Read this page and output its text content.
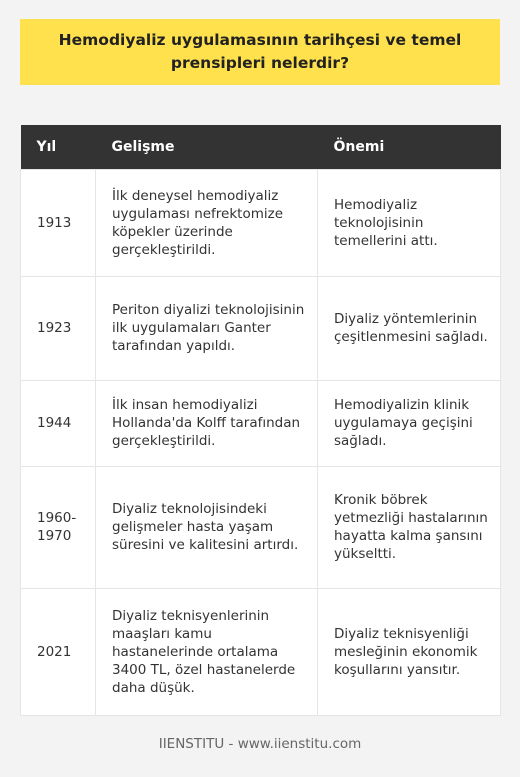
Hemodiyaliz uygulamasının tarihçesi ve temel prensipleri nelerdir?
Yıl	Gelişme	Önemi
1913	İlk deneysel hemodiyaliz uygulaması nefrektomize köpekler üzerinde gerçekleştirildi.	Hemodiyaliz teknolojisinin temellerini attı.
1923	Periton diyalizi teknolojisinin ilk uygulamaları Ganter tarafından yapıldı.	Diyaliz yöntemlerinin çeşitlenmesini sağladı.
1944	İlk insan hemodiyalizi Hollanda'da Kolff tarafından gerçekleştirildi.	Hemodiyalizin klinik uygulamaya geçişini sağladı.
1960-1970	Diyaliz teknolojisindeki gelişmeler hasta yaşam süresini ve kalitesini artırdı.	Kronik böbrek yetmezliği hastalarının hayatta kalma şansını yükseltti.
2021	Diyaliz teknisyenlerinin maaşları kamu hastanelerinde ortalama 3400 TL, özel hastanelerde daha düşük.	Diyaliz teknisyenliği mesleğinin ekonomik koşullarını yansıtır.
IIENSTITU - www.iienstitu.com
